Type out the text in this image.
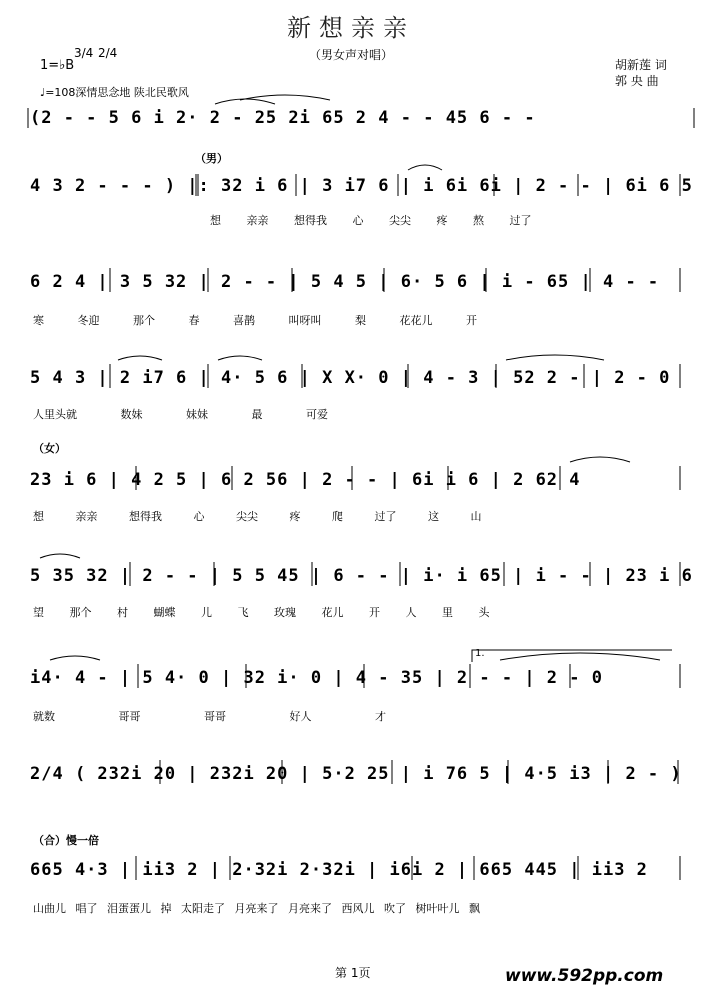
新想亲亲
（男女声对唱）
胡新莲 词
郭 央 曲
1=♭B
3/4 2/4
♩=108深情思念地 陕北民歌风
（男）
（女）
（合）慢一倍
1.
(2 - - 5 6 i 2· 2 - 25 2i 65 2 4 - - 45 6 - -
4 3 2 - - - ) |: 32 i 6 | 3 i7 6 | i 6i 6i | 2 - - | 6i 6 5
想 亲亲 想得我 心 尖尖 疼 熬 过了
6 2 4 | 3 5 32 | 2 - - | 5 4 5 | 6· 5 6 | i - 65 | 4 - -
寒 冬迎 那个 春 喜鹊 叫呀叫 梨 花花儿 开
5 4 3 | 2 i7 6 | 4· 5 6 | X X· 0 | 4 - 3 | 52 2 - | 2 - 0
人里头就 数妹 妹妹 最 可爱
23 i 6 | 4 2 5 | 6 2 56 | 2 - - | 6i i 6 | 2 62 4
想 亲亲 想得我 心 尖尖 疼 爬 过了 这 山
5 35 32 | 2 - - | 5 5 45 | 6 - - | i· i 65 | i - - | 23 i 6
望 那个 村 蝴蝶 儿 飞 玫瑰 花儿 开 人 里 头
i4· 4 - | 5 4· 0 | 32 i· 0 | 4 - 35 | 2 - - | 2 - 0
就数 哥哥 哥哥 好人 才
2/4 ( 232i 20 | 232i 20 | 5·2 25 | i 76 5 | 4·5 i3 | 2 - )
665 4·3 | ii3 2 | 2·32i 2·32i | i6i 2 | 665 445 | ii3 2
山曲儿 唱了 泪蛋蛋儿 掉 太阳走了 月亮来了 月亮来了 西风儿 吹了 树叶叶儿 飘
第 1页	www.592pp.com
